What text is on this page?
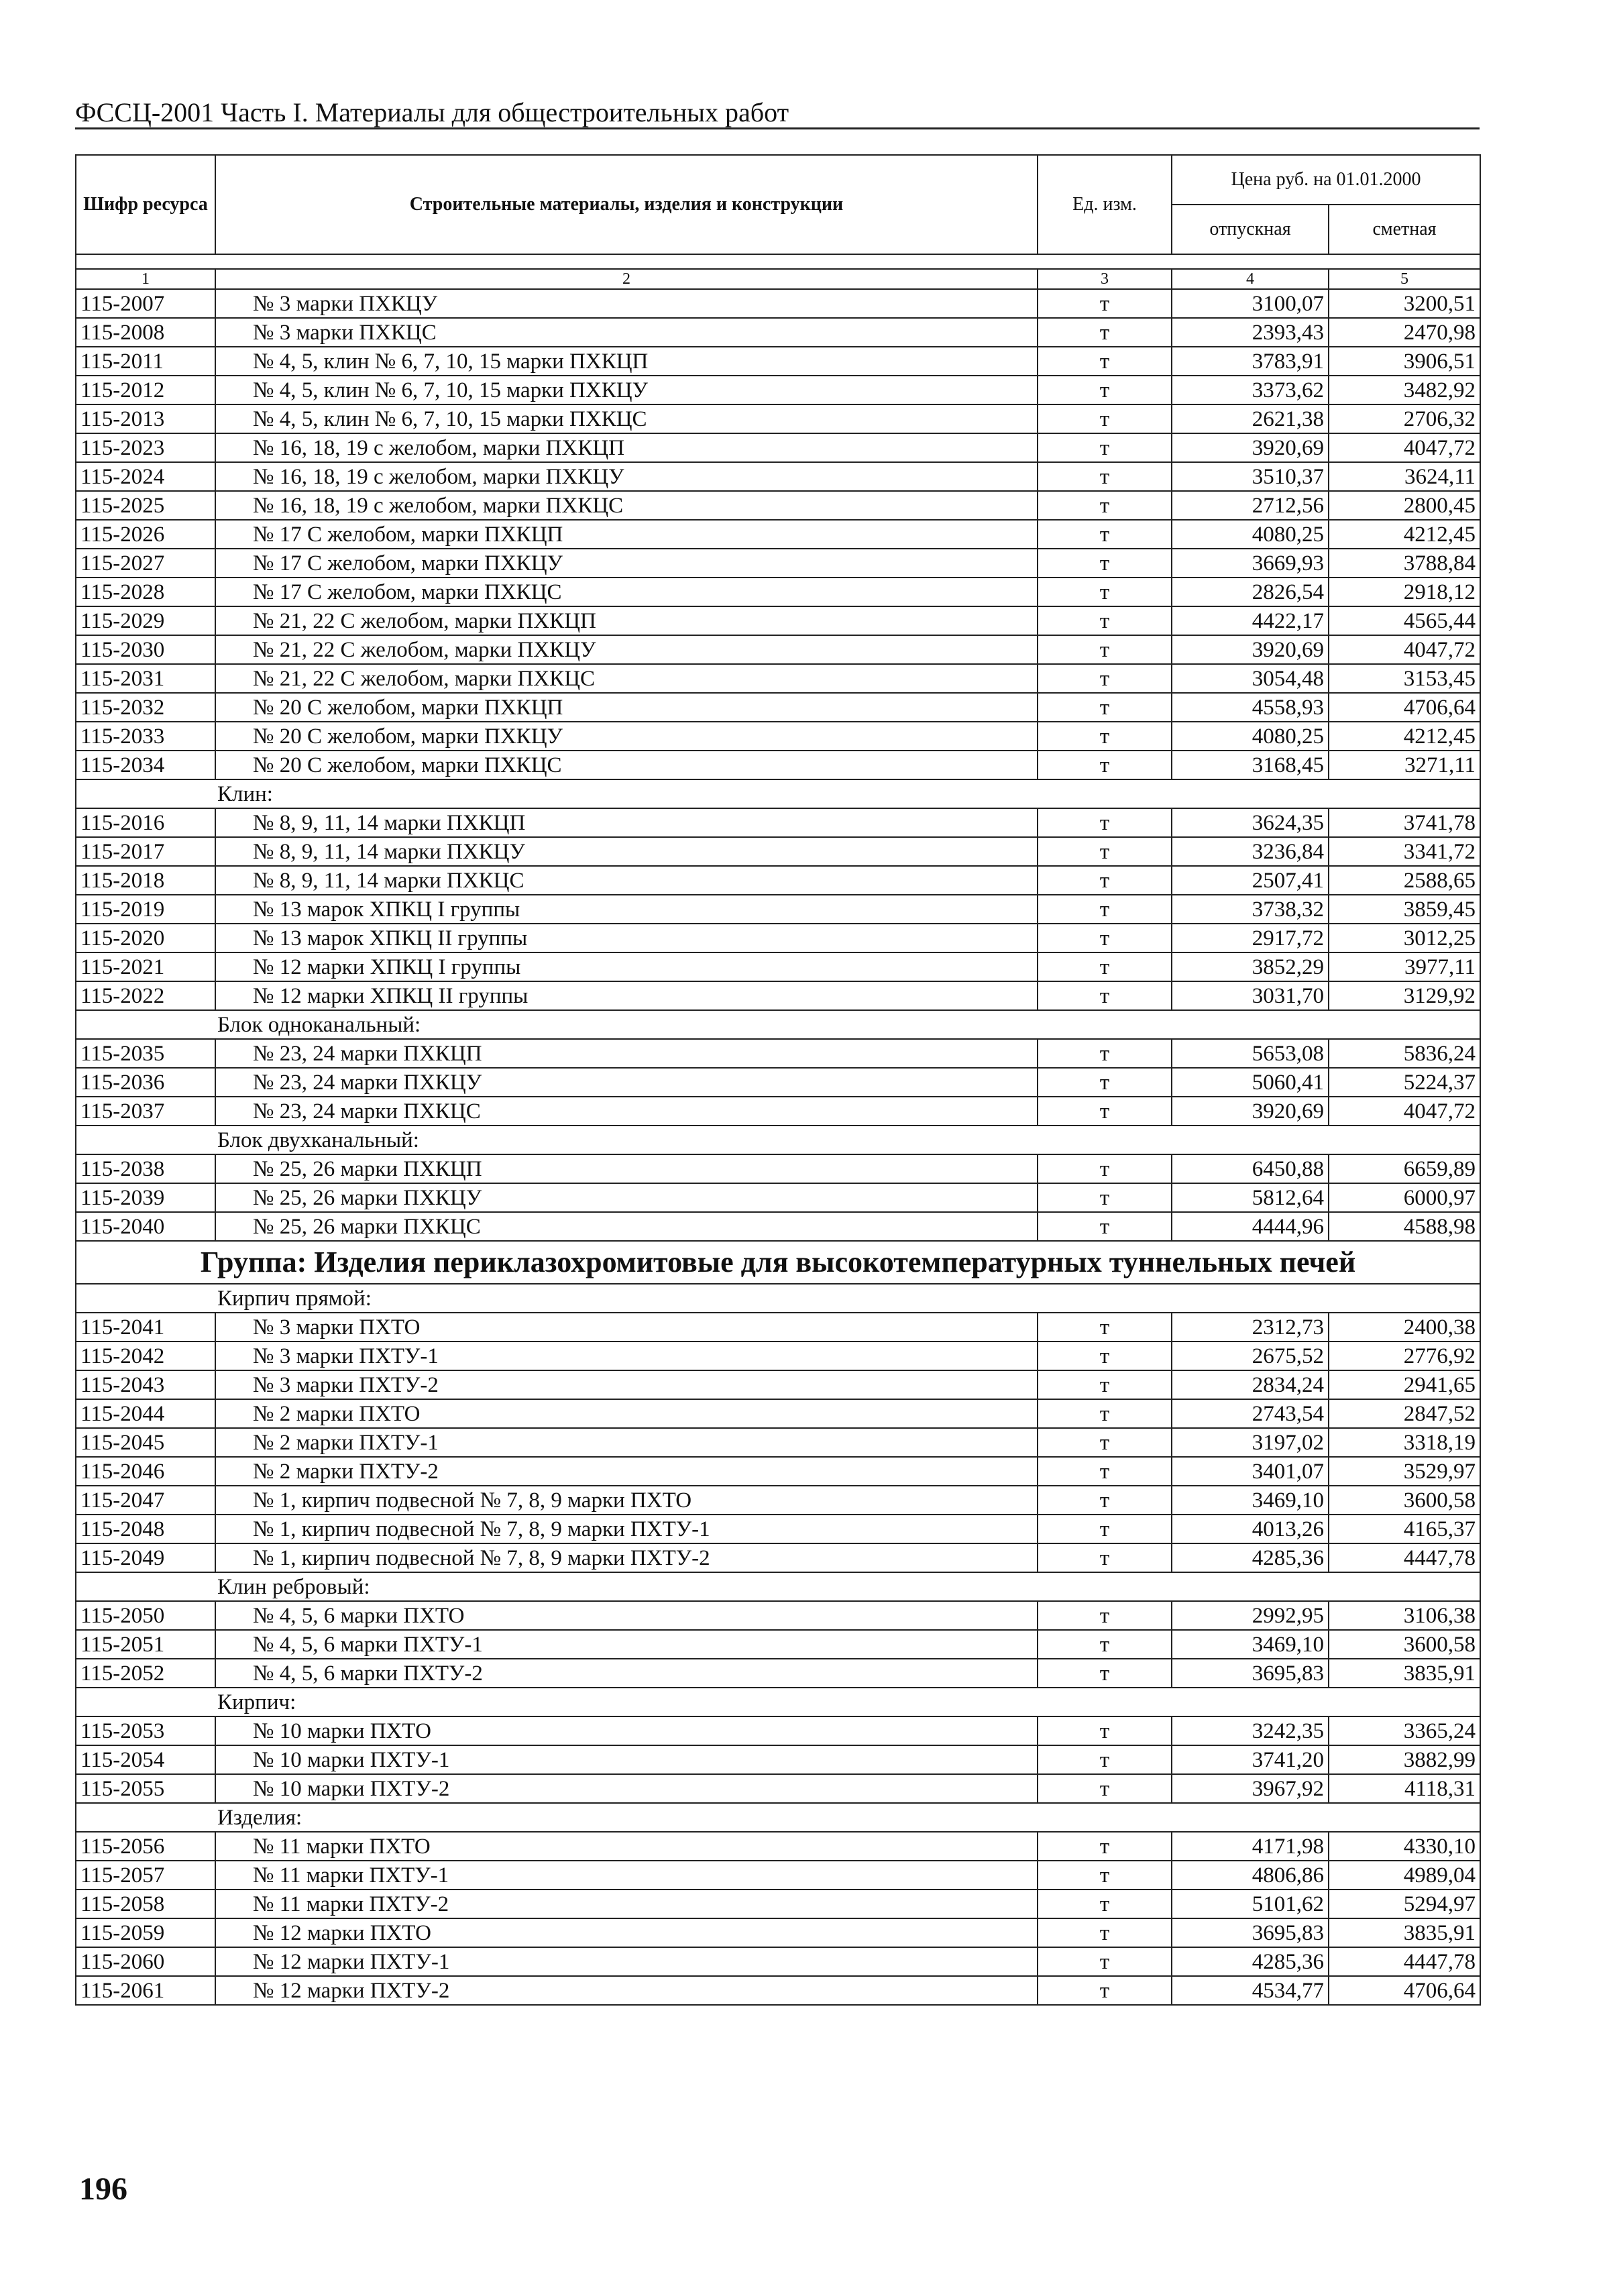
ФССЦ-2001 Часть I. Материалы для общестроительных работ
Шифр ресурса	Строительные материалы, изделия и конструкции	Ед. изм.	Цена руб. на 01.01.2000	
			отпускная	сметная

1	2	3	4	5
115-2007	№ 3 марки ПХКЦУ	т	3100,07	3200,51
115-2008	№ 3 марки ПХКЦС	т	2393,43	2470,98
115-2011	№ 4, 5, клин № 6, 7, 10, 15 марки ПХКЦП	т	3783,91	3906,51
115-2012	№ 4, 5, клин № 6, 7, 10, 15 марки ПХКЦУ	т	3373,62	3482,92
115-2013	№ 4, 5, клин № 6, 7, 10, 15 марки ПХКЦС	т	2621,38	2706,32
115-2023	№ 16, 18, 19 с желобом, марки ПХКЦП	т	3920,69	4047,72
115-2024	№ 16, 18, 19 с желобом, марки ПХКЦУ	т	3510,37	3624,11
115-2025	№ 16, 18, 19 с желобом, марки ПХКЦС	т	2712,56	2800,45
115-2026	№ 17 С желобом, марки ПХКЦП	т	4080,25	4212,45
115-2027	№ 17 С желобом, марки ПХКЦУ	т	3669,93	3788,84
115-2028	№ 17 С желобом, марки ПХКЦС	т	2826,54	2918,12
115-2029	№ 21, 22 С желобом, марки ПХКЦП	т	4422,17	4565,44
115-2030	№ 21, 22 С желобом, марки ПХКЦУ	т	3920,69	4047,72
115-2031	№ 21, 22 С желобом, марки ПХКЦС	т	3054,48	3153,45
115-2032	№ 20 С желобом, марки ПХКЦП	т	4558,93	4706,64
115-2033	№ 20 С желобом, марки ПХКЦУ	т	4080,25	4212,45
115-2034	№ 20 С желобом, марки ПХКЦС	т	3168,45	3271,11
Клин:				
115-2016	№ 8, 9, 11, 14 марки ПХКЦП	т	3624,35	3741,78
115-2017	№ 8, 9, 11, 14 марки ПХКЦУ	т	3236,84	3341,72
115-2018	№ 8, 9, 11, 14 марки ПХКЦС	т	2507,41	2588,65
115-2019	№ 13 марок ХПКЦ I группы	т	3738,32	3859,45
115-2020	№ 13 марок ХПКЦ II группы	т	2917,72	3012,25
115-2021	№ 12 марки ХПКЦ I группы	т	3852,29	3977,11
115-2022	№ 12 марки ХПКЦ II группы	т	3031,70	3129,92
Блок одноканальный:				
115-2035	№ 23, 24 марки ПХКЦП	т	5653,08	5836,24
115-2036	№ 23, 24 марки ПХКЦУ	т	5060,41	5224,37
115-2037	№ 23, 24 марки ПХКЦС	т	3920,69	4047,72
Блок двухканальный:				
115-2038	№ 25, 26 марки ПХКЦП	т	6450,88	6659,89
115-2039	№ 25, 26 марки ПХКЦУ	т	5812,64	6000,97
115-2040	№ 25, 26 марки ПХКЦС	т	4444,96	4588,98
Группа: Изделия периклазохромитовые для высокотемпературных туннельных печей				
Кирпич прямой:				
115-2041	№ 3 марки ПХТО	т	2312,73	2400,38
115-2042	№ 3 марки ПХТУ-1	т	2675,52	2776,92
115-2043	№ 3 марки ПХТУ-2	т	2834,24	2941,65
115-2044	№ 2 марки ПХТО	т	2743,54	2847,52
115-2045	№ 2 марки ПХТУ-1	т	3197,02	3318,19
115-2046	№ 2 марки ПХТУ-2	т	3401,07	3529,97
115-2047	№ 1, кирпич подвесной № 7, 8, 9 марки ПХТО	т	3469,10	3600,58
115-2048	№ 1, кирпич подвесной № 7, 8, 9 марки ПХТУ-1	т	4013,26	4165,37
115-2049	№ 1, кирпич подвесной № 7, 8, 9 марки ПХТУ-2	т	4285,36	4447,78
Клин ребровый:				
115-2050	№ 4, 5, 6 марки ПХТО	т	2992,95	3106,38
115-2051	№ 4, 5, 6 марки ПХТУ-1	т	3469,10	3600,58
115-2052	№ 4, 5, 6 марки ПХТУ-2	т	3695,83	3835,91
Кирпич:				
115-2053	№ 10 марки ПХТО	т	3242,35	3365,24
115-2054	№ 10 марки ПХТУ-1	т	3741,20	3882,99
115-2055	№ 10 марки ПХТУ-2	т	3967,92	4118,31
Изделия:				
115-2056	№ 11 марки ПХТО	т	4171,98	4330,10
115-2057	№ 11 марки ПХТУ-1	т	4806,86	4989,04
115-2058	№ 11 марки ПХТУ-2	т	5101,62	5294,97
115-2059	№ 12 марки ПХТО	т	3695,83	3835,91
115-2060	№ 12 марки ПХТУ-1	т	4285,36	4447,78
115-2061	№ 12 марки ПХТУ-2	т	4534,77	4706,64
196
